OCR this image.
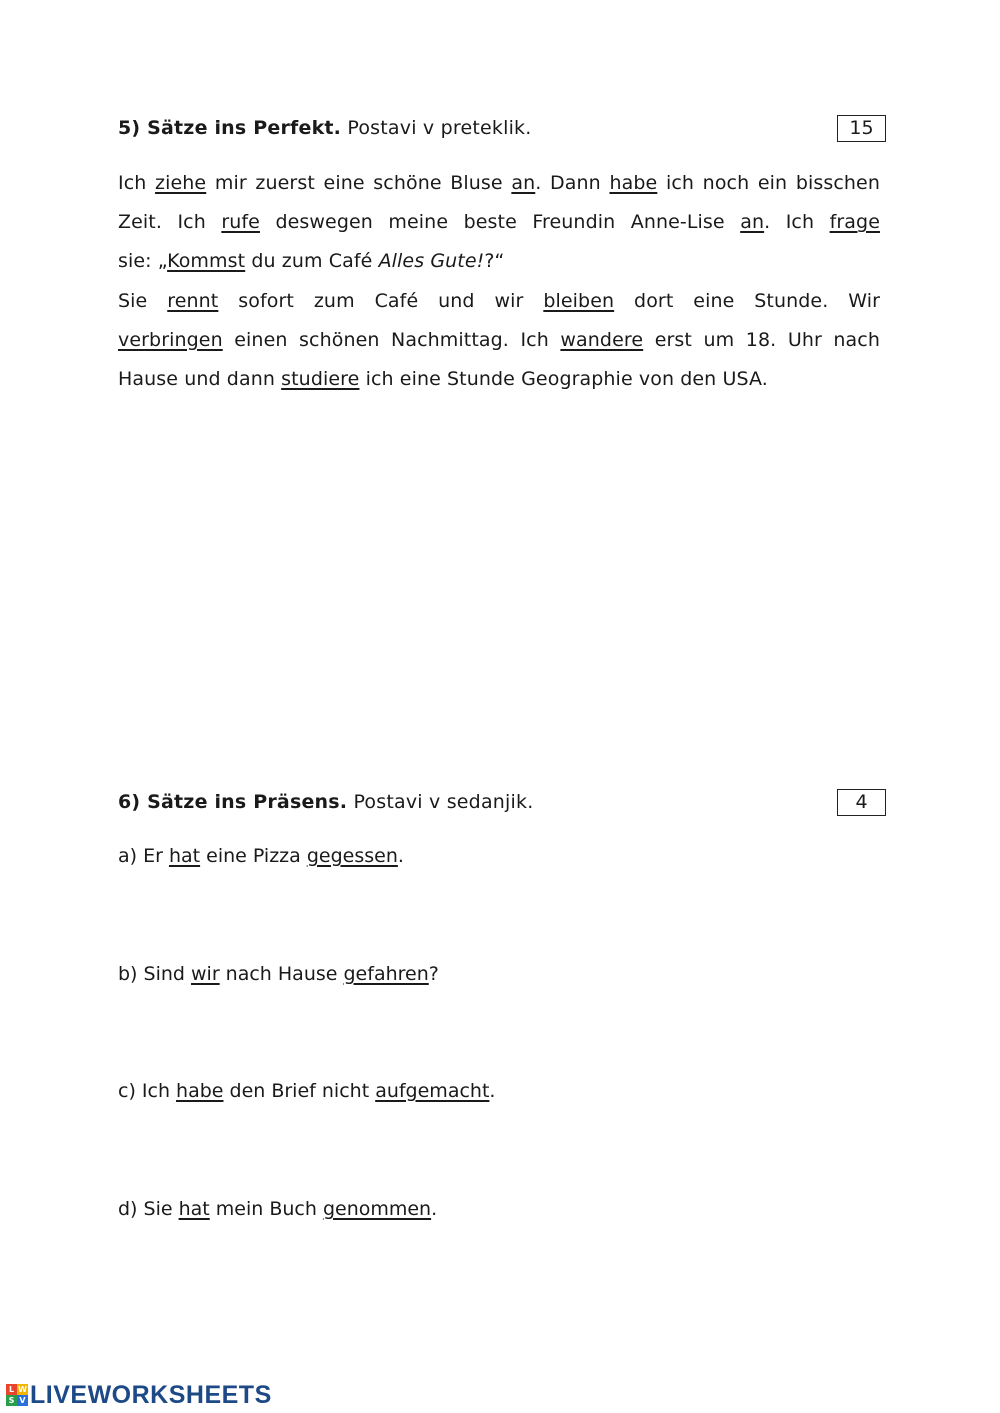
5) Sätze ins Perfekt. Postavi v preteklik.	15
Ich ziehe mir zuerst eine schöne Bluse an. Dann habe ich noch ein bisschen
Zeit. Ich rufe deswegen meine beste Freundin Anne-Lise an. Ich frage
sie: „Kommst du zum Café Alles Gute!?“
Sie rennt sofort zum Café und wir bleiben dort eine Stunde. Wir
verbringen einen schönen Nachmittag. Ich wandere erst um 18. Uhr nach
Hause und dann studiere ich eine Stunde Geographie von den USA.
6) Sätze ins Präsens. Postavi v sedanjik.	4
a) Er hat eine Pizza gegessen.
b) Sind wir nach Hause gefahren?
c) Ich habe den Brief nicht aufgemacht.
d) Sie hat mein Buch genommen.
L W
S V LIVEWORKSHEETS
